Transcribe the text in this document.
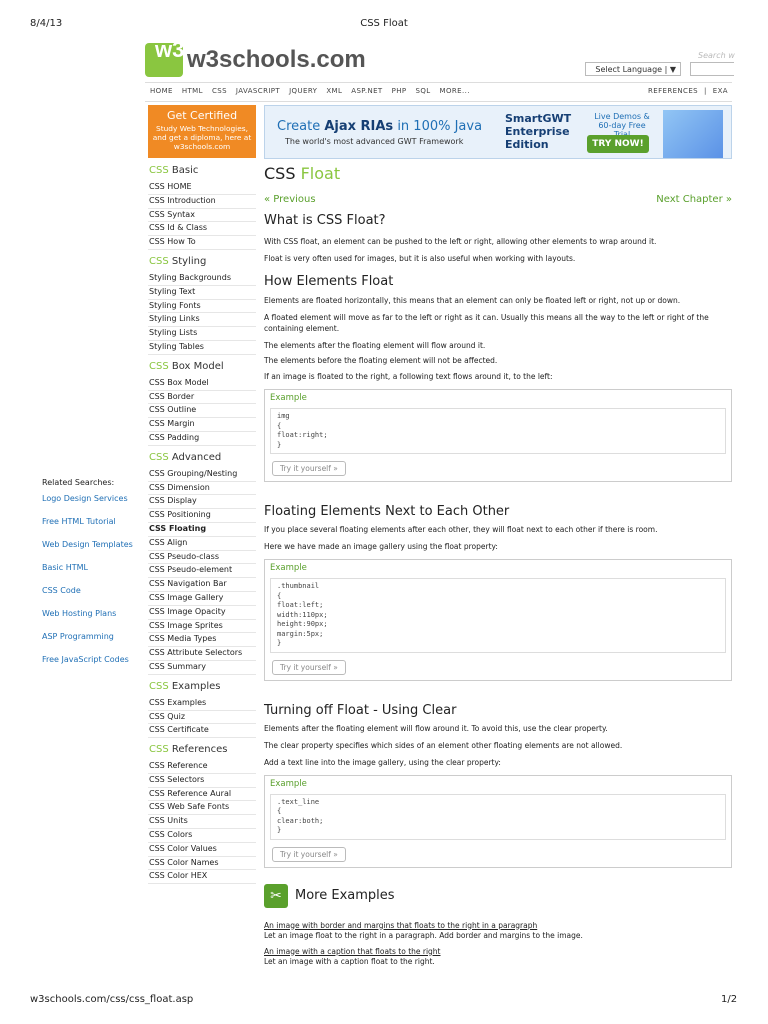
8/4/13	CSS Float
w3 w3schools.com	Search w
Select Language | ▼
HOME HTML CSS JAVASCRIPT JQUERY XML ASP.NET PHP SQL MORE...	REFERENCES | EXA
Get Certified
Study Web Technologies, and get a diploma, here at w3schools.com
Create Ajax RIAs in 100% Java
The world's most advanced GWT Framework
SmartGWT Enterprise Edition
Live Demos & 60-day Free
TRY NOW!
CSS Basic
CSS HOME
CSS Introduction
CSS Syntax
CSS Id & Class
CSS How To
CSS Styling
Styling Backgrounds
Styling Text
Styling Fonts
Styling Links
Styling Lists
Styling Tables
CSS Box Model
CSS Box Model
CSS Border
CSS Outline
CSS Margin
CSS Padding
CSS Advanced
CSS Grouping/Nesting
CSS Dimension
CSS Display
CSS Positioning
CSS Floating
CSS Align
CSS Pseudo-class
CSS Pseudo-element
CSS Navigation Bar
CSS Image Gallery
CSS Image Opacity
CSS Image Sprites
CSS Media Types
CSS Attribute Selectors
CSS Summary
CSS Examples
CSS Examples
CSS Quiz
CSS Certificate
CSS References
CSS Reference
CSS Selectors
CSS Reference Aural
CSS Web Safe Fonts
CSS Units
CSS Colors
CSS Color Values
CSS Color Names
CSS Color HEX
Related Searches:
Logo Design Services
Free HTML Tutorial
Web Design Templates
Basic HTML
CSS Code
Web Hosting Plans
ASP Programming
Free JavaScript Codes
CSS Float
« Previous	Next Chapter »
What is CSS Float?

With CSS float, an element can be pushed to the left or right, allowing other elements to wrap around it.

Float is very often used for images, but it is also useful when working with layouts.

How Elements Float

Elements are floated horizontally, this means that an element can only be floated left or right, not up or down.

A floated element will move as far to the left or right as it can. Usually this means all the way to the left or right of the containing element.

The elements after the floating element will flow around it.

The elements before the floating element will not be affected.

If an image is floated to the right, a following text flows around it, to the left:

Example
img
{
float:right;
}
Try it yourself »
Floating Elements Next to Each Other

If you place several floating elements after each other, they will float next to each other if there is room.

Here we have made an image gallery using the float property:

Example
.thumbnail
{
float:left;
width:110px;
height:90px;
margin:5px;
}
Try it yourself »
Turning off Float - Using Clear

Elements after the floating element will flow around it. To avoid this, use the clear property.

The clear property specifies which sides of an element other floating elements are not allowed.

Add a text line into the image gallery, using the clear property:

Example
.text_line
{
clear:both;
}
Try it yourself »
✂	More Examples
An image with border and margins that floats to the right in a paragraph

Let an image float to the right in a paragraph. Add border and margins to the image.

An image with a caption that floats to the right

Let an image with a caption float to the right.

w3schools.com/css/css_float.asp	1/2
